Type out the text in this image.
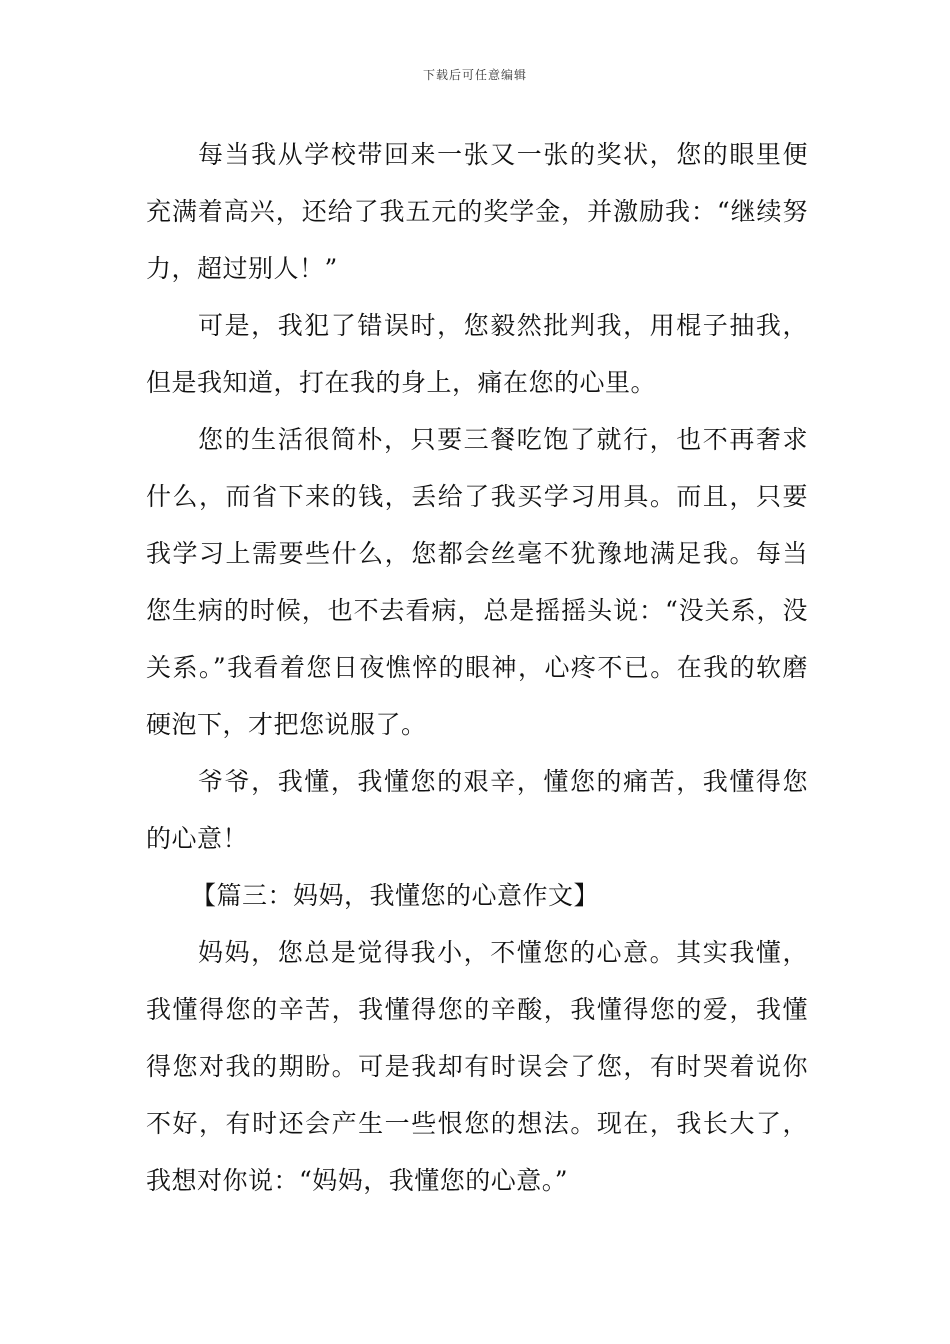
下载后可任意编辑

每当我从学校带回来一张又一张的奖状，您的眼里便充满着高兴，还给了我五元的奖学金，并激励我：“继续努力，超过别人！”

可是，我犯了错误时，您毅然批判我，用棍子抽我，但是我知道，打在我的身上，痛在您的心里。

您的生活很简朴，只要三餐吃饱了就行，也不再奢求什么，而省下来的钱，丢给了我买学习用具。而且，只要我学习上需要些什么，您都会丝毫不犹豫地满足我。每当您生病的时候，也不去看病，总是摇摇头说：“没关系，没关系。”我看着您日夜憔悴的眼神，心疼不已。在我的软磨硬泡下，才把您说服了。

爷爷，我懂，我懂您的艰辛，懂您的痛苦，我懂得您的心意！

【篇三：妈妈，我懂您的心意作文】

妈妈，您总是觉得我小，不懂您的心意。其实我懂，我懂得您的辛苦，我懂得您的辛酸，我懂得您的爱，我懂得您对我的期盼。可是我却有时误会了您，有时哭着说你不好，有时还会产生一些恨您的想法。现在，我长大了，我想对你说：“妈妈，我懂您的心意。”
